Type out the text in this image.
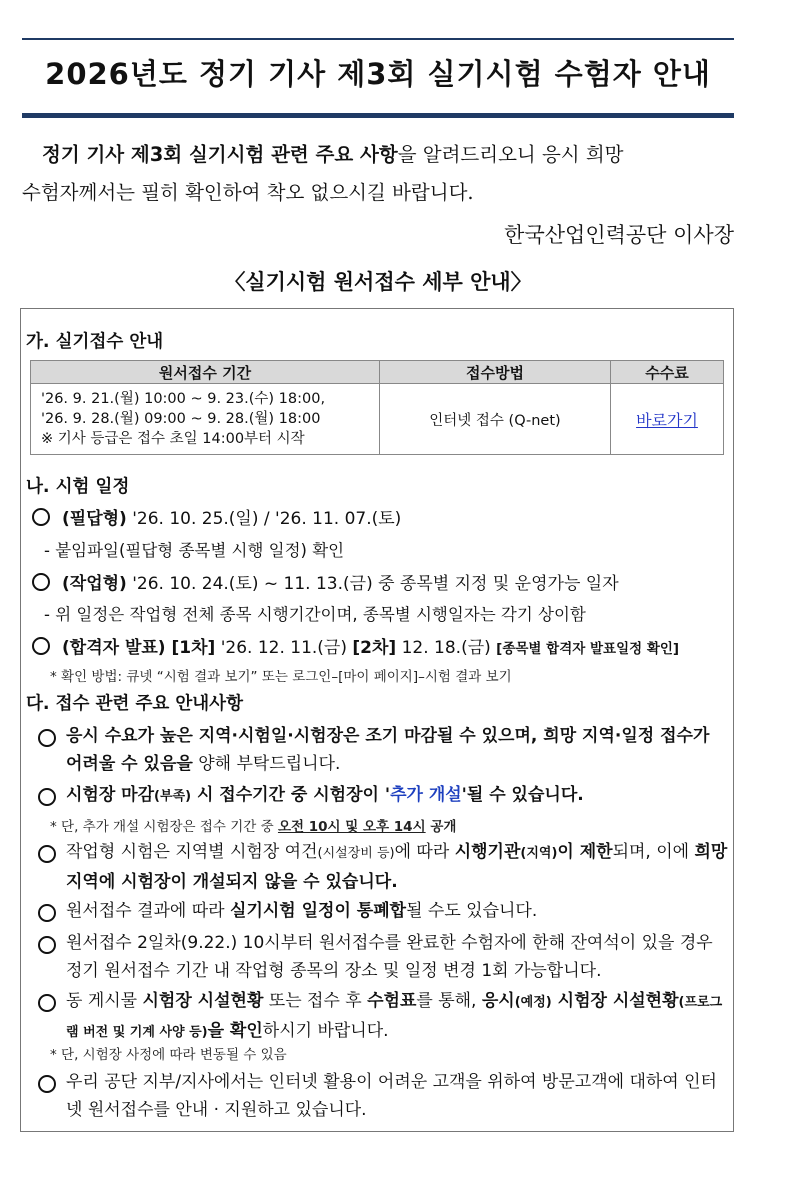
2026년도 정기 기사 제3회 실기시험 수험자 안내
정기 기사 제3회 실기시험 관련 주요 사항을 알려드리오니 응시 희망
수험자께서는 필히 확인하여 착오 없으시길 바랍니다.
한국산업인력공단 이사장
〈실기시험 원서접수 세부 안내〉
가. 실기접수 안내
원서접수 기간	접수방법	수수료

'26. 9. 21.(월) 10:00 ~ 9. 23.(수) 18:00,
'26. 9. 28.(월) 09:00 ~ 9. 28.(월) 18:00
※ 기사 등급은 접수 초일 14:00부터 시작	인터넷 접수 (Q-net)	바로가기
나. 시험 일정
(필답형) '26. 10. 25.(일) / '26. 11. 07.(토)
- 붙임파일(필답형 종목별 시행 일정) 확인
(작업형) '26. 10. 24.(토) ~ 11. 13.(금) 중 종목별 지정 및 운영가능 일자
- 위 일정은 작업형 전체 종목 시행기간이며, 종목별 시행일자는 각기 상이함
(합격자 발표) [1차] '26. 12. 11.(금) [2차] 12. 18.(금) [종목별 합격자 발표일정 확인]
* 확인 방법: 큐넷 “시험 결과 보기” 또는 로그인–[마이 페이지]–시험 결과 보기
다. 접수 관련 주요 안내사항
응시 수요가 높은 지역·시험일·시험장은 조기 마감될 수 있으며, 희망 지역·일정 접수가 어려울 수 있음을 양해 부탁드립니다.
시험장 마감(부족) 시 접수기간 중 시험장이 '추가 개설'될 수 있습니다.
* 단, 추가 개설 시험장은 접수 기간 중 오전 10시 및 오후 14시 공개
작업형 시험은 지역별 시험장 여건(시설장비 등)에 따라 시행기관(지역)이 제한되며, 이에 희망 지역에 시험장이 개설되지 않을 수 있습니다.
원서접수 결과에 따라 실기시험 일정이 통폐합될 수도 있습니다.
원서접수 2일차(9.22.) 10시부터 원서접수를 완료한 수험자에 한해 잔여석이 있을 경우 정기 원서접수 기간 내 작업형 종목의 장소 및 일정 변경 1회 가능합니다.
동 게시물 시험장 시설현황 또는 접수 후 수험표를 통해, 응시(예정) 시험장 시설현황(프로그램 버전 및 기계 사양 등)을 확인하시기 바랍니다.
* 단, 시험장 사정에 따라 변동될 수 있음
우리 공단 지부/지사에서는 인터넷 활용이 어려운 고객을 위하여 방문고객에 대하여 인터넷 원서접수를 안내 · 지원하고 있습니다.
